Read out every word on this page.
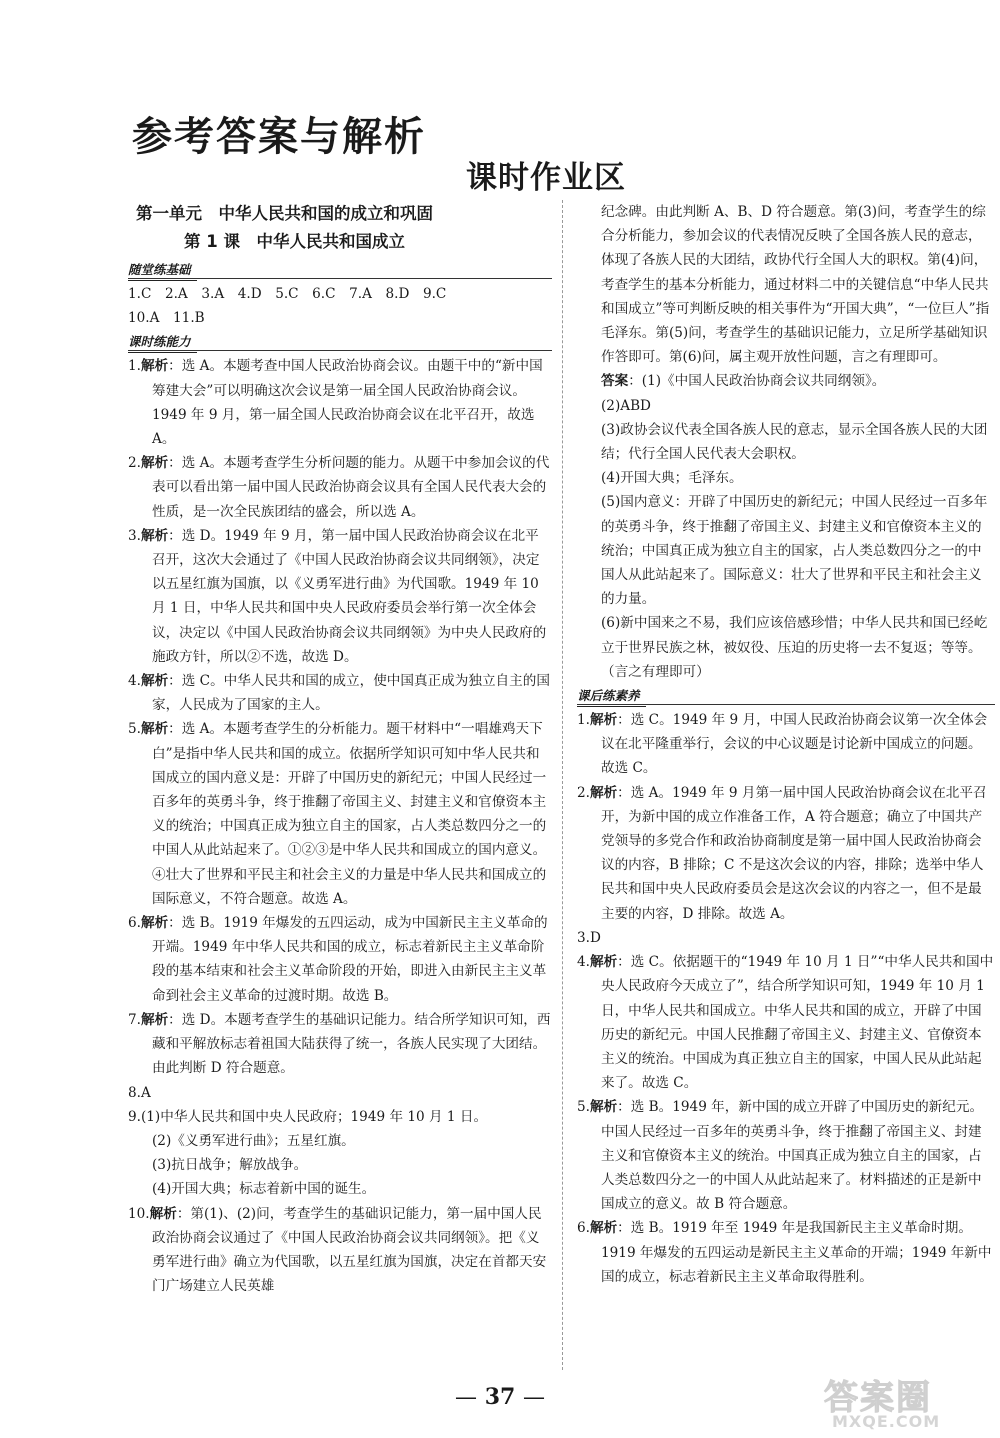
参考答案与解析
课时作业区

第一单元　中华人民共和国的成立和巩固

第 1 课　中华人民共和国成立

随堂练基础

1.C　2.A　3.A　4.D　5.C　6.C　7.A　8.D　9.C

10.A　11.B

课时练能力

1.解析：选 A。本题考查中国人民政治协商会议。由题干中的“新中国筹建大会”可以明确这次会议是第一届全国人民政治协商会议。1949 年 9 月，第一届全国人民政治协商会议在北平召开，故选 A。

2.解析：选 A。本题考查学生分析问题的能力。从题干中参加会议的代表可以看出第一届中国人民政治协商会议具有全国人民代表大会的性质，是一次全民族团结的盛会，所以选 A。

3.解析：选 D。1949 年 9 月，第一届中国人民政治协商会议在北平召开，这次大会通过了《中国人民政治协商会议共同纲领》，决定以五星红旗为国旗，以《义勇军进行曲》为代国歌。1949 年 10 月 1 日，中华人民共和国中央人民政府委员会举行第一次全体会议，决定以《中国人民政治协商会议共同纲领》为中央人民政府的施政方针，所以②不选，故选 D。

4.解析：选 C。中华人民共和国的成立，使中国真正成为独立自主的国家，人民成为了国家的主人。

5.解析：选 A。本题考查学生的分析能力。题干材料中“一唱雄鸡天下白”是指中华人民共和国的成立。依据所学知识可知中华人民共和国成立的国内意义是：开辟了中国历史的新纪元；中国人民经过一百多年的英勇斗争，终于推翻了帝国主义、封建主义和官僚资本主义的统治；中国真正成为独立自主的国家，占人类总数四分之一的中国人从此站起来了。①②③是中华人民共和国成立的国内意义。④壮大了世界和平民主和社会主义的力量是中华人民共和国成立的国际意义，不符合题意。故选 A。

6.解析：选 B。1919 年爆发的五四运动，成为中国新民主主义革命的开端。1949 年中华人民共和国的成立，标志着新民主主义革命阶段的基本结束和社会主义革命阶段的开始，即进入由新民主主义革命到社会主义革命的过渡时期。故选 B。

7.解析：选 D。本题考查学生的基础识记能力。结合所学知识可知，西藏和平解放标志着祖国大陆获得了统一，各族人民实现了大团结。由此判断 D 符合题意。

8.A

9.(1)中华人民共和国中央人民政府；1949 年 10 月 1 日。

(2)《义勇军进行曲》；五星红旗。

(3)抗日战争；解放战争。

(4)开国大典；标志着新中国的诞生。

10.解析：第(1)、(2)问，考查学生的基础识记能力，第一届中国人民政治协商会议通过了《中国人民政治协商会议共同纲领》。把《义勇军进行曲》确立为代国歌，以五星红旗为国旗，决定在首都天安门广场建立人民英雄

纪念碑。由此判断 A、B、D 符合题意。第(3)问，考查学生的综合分析能力，参加会议的代表情况反映了全国各族人民的意志，体现了各族人民的大团结，政协代行全国人大的职权。第(4)问，考查学生的基本分析能力，通过材料二中的关键信息“中华人民共和国成立”等可判断反映的相关事件为“开国大典”，“一位巨人”指毛泽东。第(5)问，考查学生的基础识记能力，立足所学基础知识作答即可。第(6)问，属主观开放性问题，言之有理即可。

答案：(1)《中国人民政治协商会议共同纲领》。

(2)ABD

(3)政协会议代表全国各族人民的意志，显示全国各族人民的大团结；代行全国人民代表大会职权。

(4)开国大典；毛泽东。

(5)国内意义：开辟了中国历史的新纪元；中国人民经过一百多年的英勇斗争，终于推翻了帝国主义、封建主义和官僚资本主义的统治；中国真正成为独立自主的国家，占人类总数四分之一的中国人从此站起来了。国际意义：壮大了世界和平民主和社会主义的力量。

(6)新中国来之不易，我们应该倍感珍惜；中华人民共和国已经屹立于世界民族之林，被奴役、压迫的历史将一去不复返；等等。（言之有理即可）

课后练素养

1.解析：选 C。1949 年 9 月，中国人民政治协商会议第一次全体会议在北平隆重举行，会议的中心议题是讨论新中国成立的问题。故选 C。

2.解析：选 A。1949 年 9 月第一届中国人民政治协商会议在北平召开，为新中国的成立作准备工作，A 符合题意；确立了中国共产党领导的多党合作和政治协商制度是第一届中国人民政治协商会议的内容，B 排除；C 不是这次会议的内容，排除；选举中华人民共和国中央人民政府委员会是这次会议的内容之一，但不是最主要的内容，D 排除。故选 A。

3.D

4.解析：选 C。依据题干的“1949 年 10 月 1 日”“中华人民共和国中央人民政府今天成立了”，结合所学知识可知，1949 年 10 月 1 日，中华人民共和国成立。中华人民共和国的成立，开辟了中国历史的新纪元。中国人民推翻了帝国主义、封建主义、官僚资本主义的统治。中国成为真正独立自主的国家，中国人民从此站起来了。故选 C。

5.解析：选 B。1949 年，新中国的成立开辟了中国历史的新纪元。中国人民经过一百多年的英勇斗争，终于推翻了帝国主义、封建主义和官僚资本主义的统治。中国真正成为独立自主的国家，占人类总数四分之一的中国人从此站起来了。材料描述的正是新中国成立的意义。故 B 符合题意。

6.解析：选 B。1919 年至 1949 年是我国新民主主义革命时期。1919 年爆发的五四运动是新民主主义革命的开端；1949 年新中国的成立，标志着新民主主义革命取得胜利。

— 37 —	答案圈
MXQE.COM
